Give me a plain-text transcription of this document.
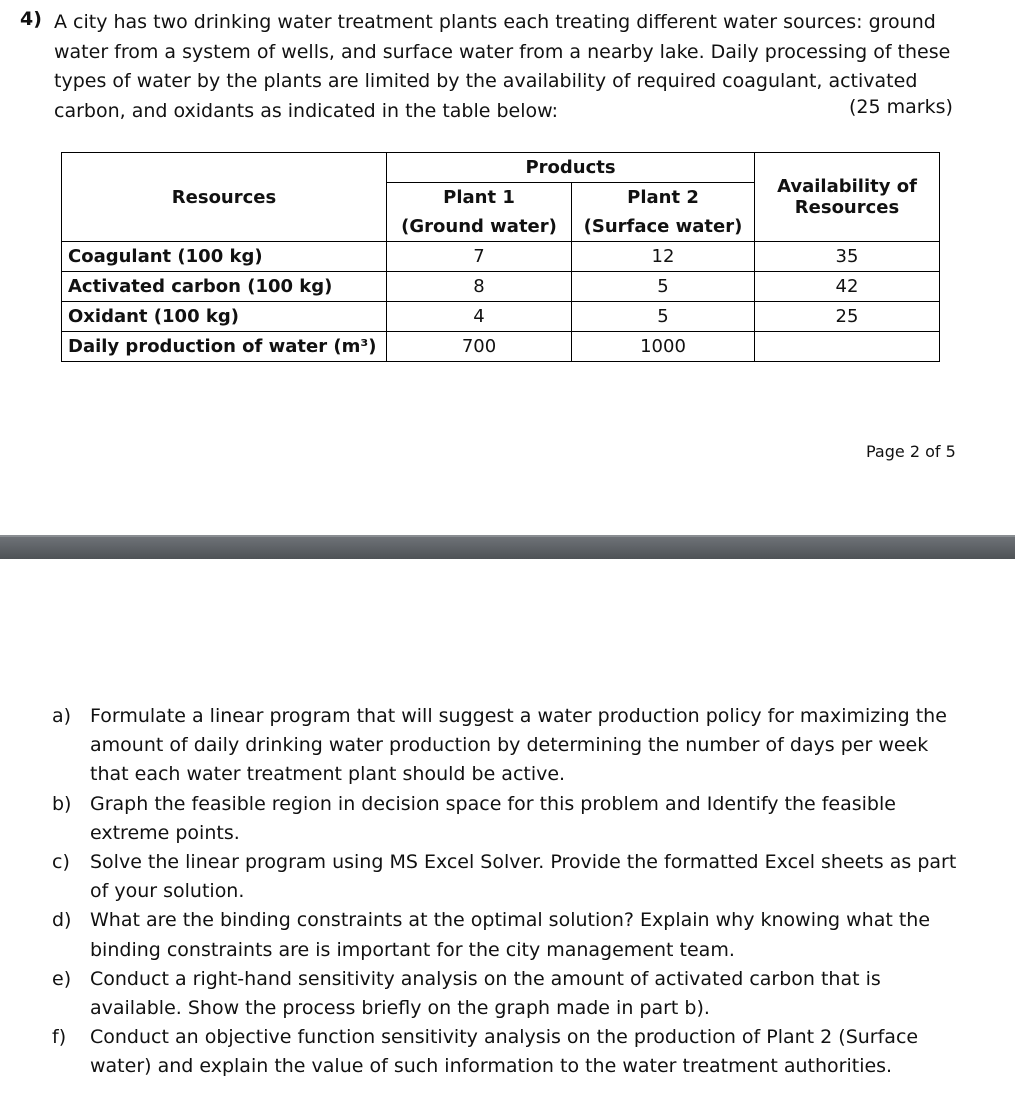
4) A city has two drinking water treatment plants each treating different water sources: ground water from a system of wells, and surface water from a nearby lake. Daily processing of these types of water by the plants are limited by the availability of required coagulant, activated carbon, and oxidants as indicated in the table below:	(25 marks)
Resources	Products		Availability of Resources
	Plant 1	Plant 2	
	(Ground water)	(Surface water)	
Coagulant (100 kg)	7	12	35
Activated carbon (100 kg)	8	5	42
Oxidant (100 kg)	4	5	25
Daily production of water (m³)	700	1000	
Page 2 of 5
a) Formulate a linear program that will suggest a water production policy for maximizing the amount of daily drinking water production by determining the number of days per week that each water treatment plant should be active.
b) Graph the feasible region in decision space for this problem and Identify the feasible extreme points.
c) Solve the linear program using MS Excel Solver. Provide the formatted Excel sheets as part of your solution.
d) What are the binding constraints at the optimal solution? Explain why knowing what the binding constraints are is important for the city management team.
e) Conduct a right-hand sensitivity analysis on the amount of activated carbon that is available. Show the process briefly on the graph made in part b).
f) Conduct an objective function sensitivity analysis on the production of Plant 2 (Surface water) and explain the value of such information to the water treatment authorities.
